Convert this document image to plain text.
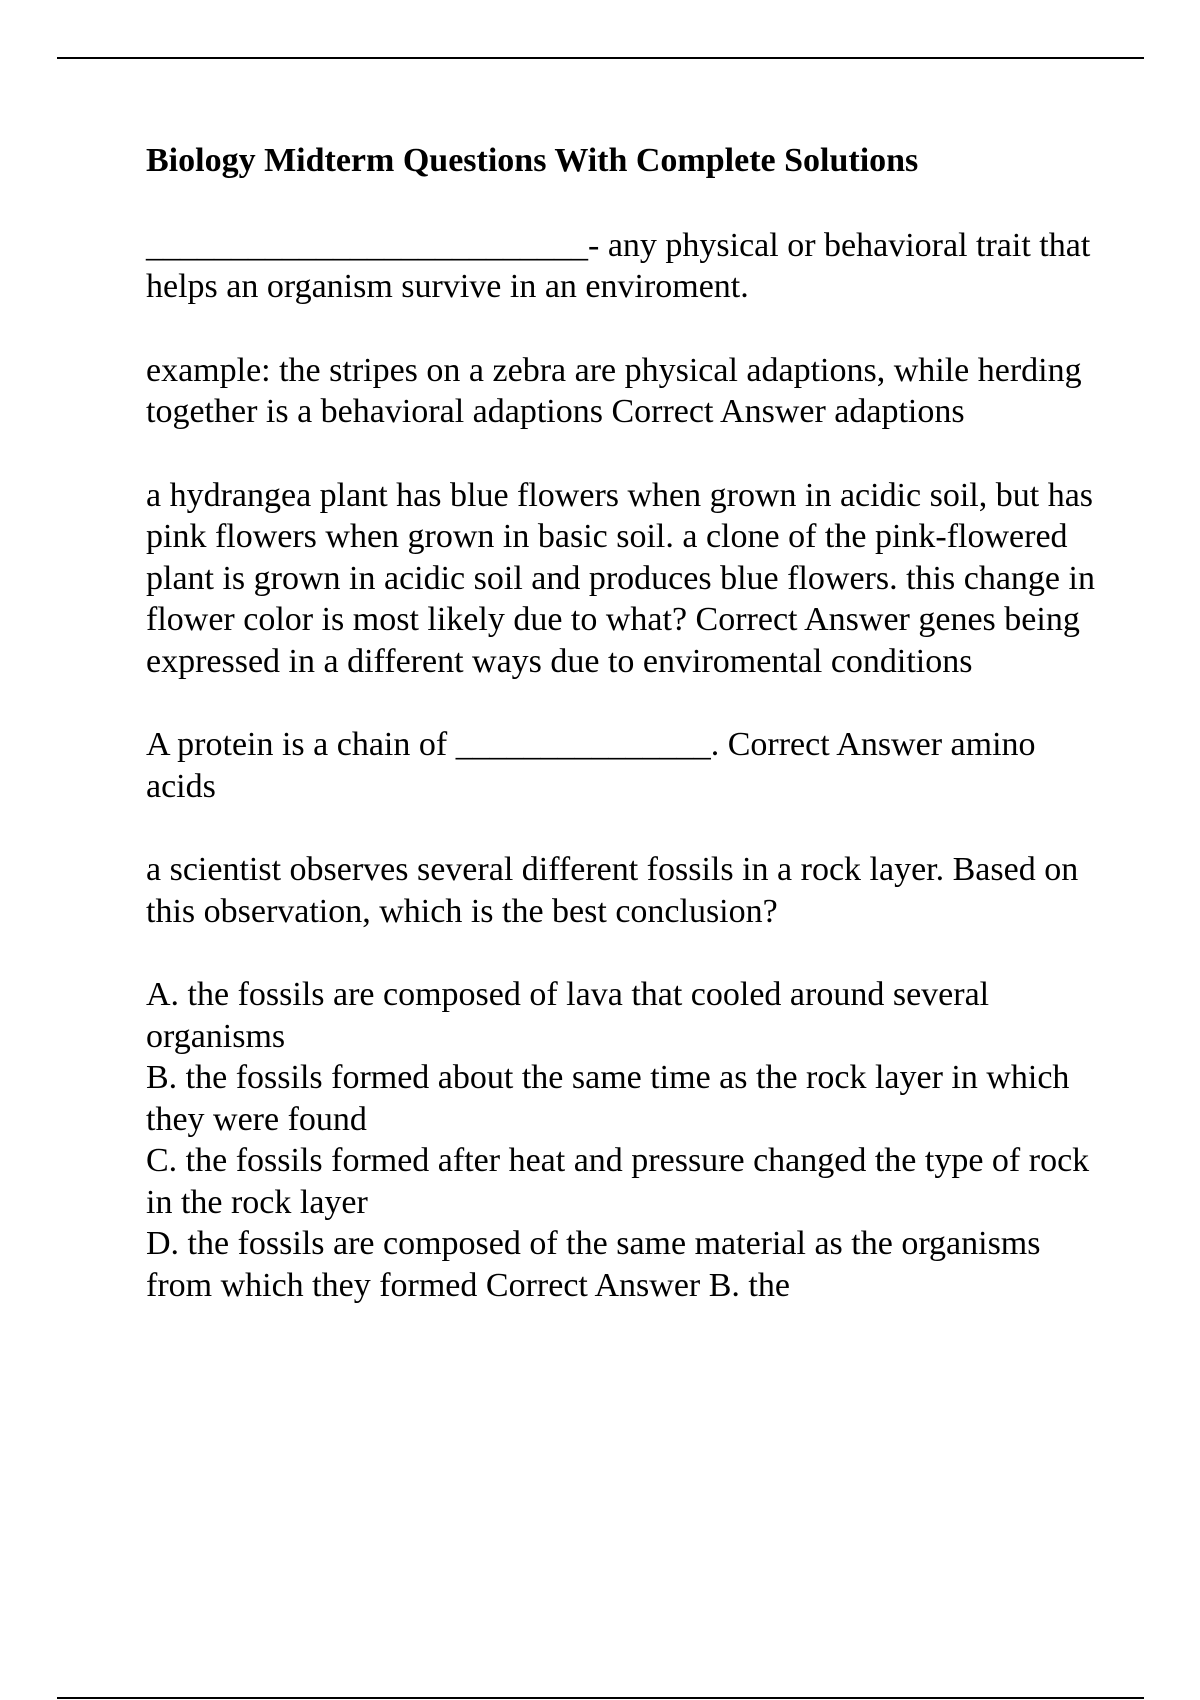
Biology Midterm Questions With Complete Solutions

__________________________- any physical or behavioral trait that helps an organism survive in an enviroment.

example: the stripes on a zebra are physical adaptions, while herding together is a behavioral adaptions Correct Answer adaptions

a hydrangea plant has blue flowers when grown in acidic soil, but has pink flowers when grown in basic soil. a clone of the pink-flowered plant is grown in acidic soil and produces blue flowers. this change in flower color is most likely due to what? Correct Answer genes being expressed in a different ways due to enviromental conditions

A protein is a chain of _______________. Correct Answer amino acids

a scientist observes several different fossils in a rock layer. Based on this observation, which is the best conclusion?

A. the fossils are composed of lava that cooled around several organisms

B. the fossils formed about the same time as the rock layer in which they were found

C. the fossils formed after heat and pressure changed the type of rock in the rock layer

D. the fossils are composed of the same material as the organisms from which they formed Correct Answer B. the
